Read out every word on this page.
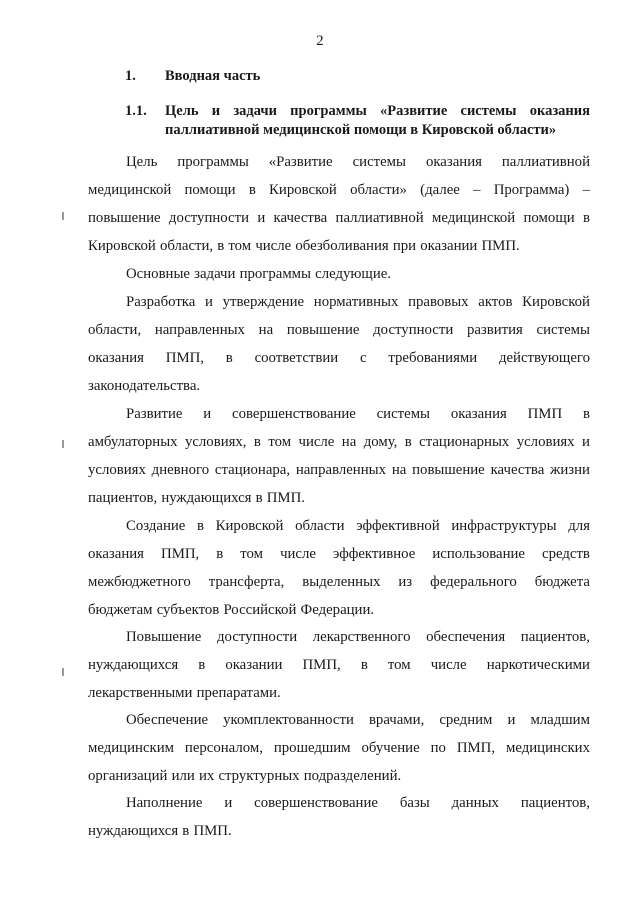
2
1. Вводная часть
1.1.	Цель и задачи программы «Развитие системы оказания
паллиативной медицинской помощи в Кировской области»
Цель программы «Развитие системы оказания паллиативной
медицинской помощи в Кировской области» (далее – Программа) –
повышение доступности и качества паллиативной медицинской помощи в
Кировской области, в том числе обезболивания при оказании ПМП.
Основные задачи программы следующие.
Разработка и утверждение нормативных правовых актов Кировской
области, направленных на повышение доступности развития системы
оказания ПМП, в соответствии с требованиями действующего
законодательства.
Развитие и совершенствование системы оказания ПМП в
амбулаторных условиях, в том числе на дому, в стационарных условиях и
условиях дневного стационара, направленных на повышение качества жизни
пациентов, нуждающихся в ПМП.
Создание в Кировской области эффективной инфраструктуры для
оказания ПМП, в том числе эффективное использование средств
межбюджетного трансферта, выделенных из федерального бюджета
бюджетам субъектов Российской Федерации.
Повышение доступности лекарственного обеспечения пациентов,
нуждающихся в оказании ПМП, в том числе наркотическими
лекарственными препаратами.
Обеспечение укомплектованности врачами, средним и младшим
медицинским персоналом, прошедшим обучение по ПМП, медицинских
организаций или их структурных подразделений.
Наполнение и совершенствование базы данных пациентов,
нуждающихся в ПМП.
